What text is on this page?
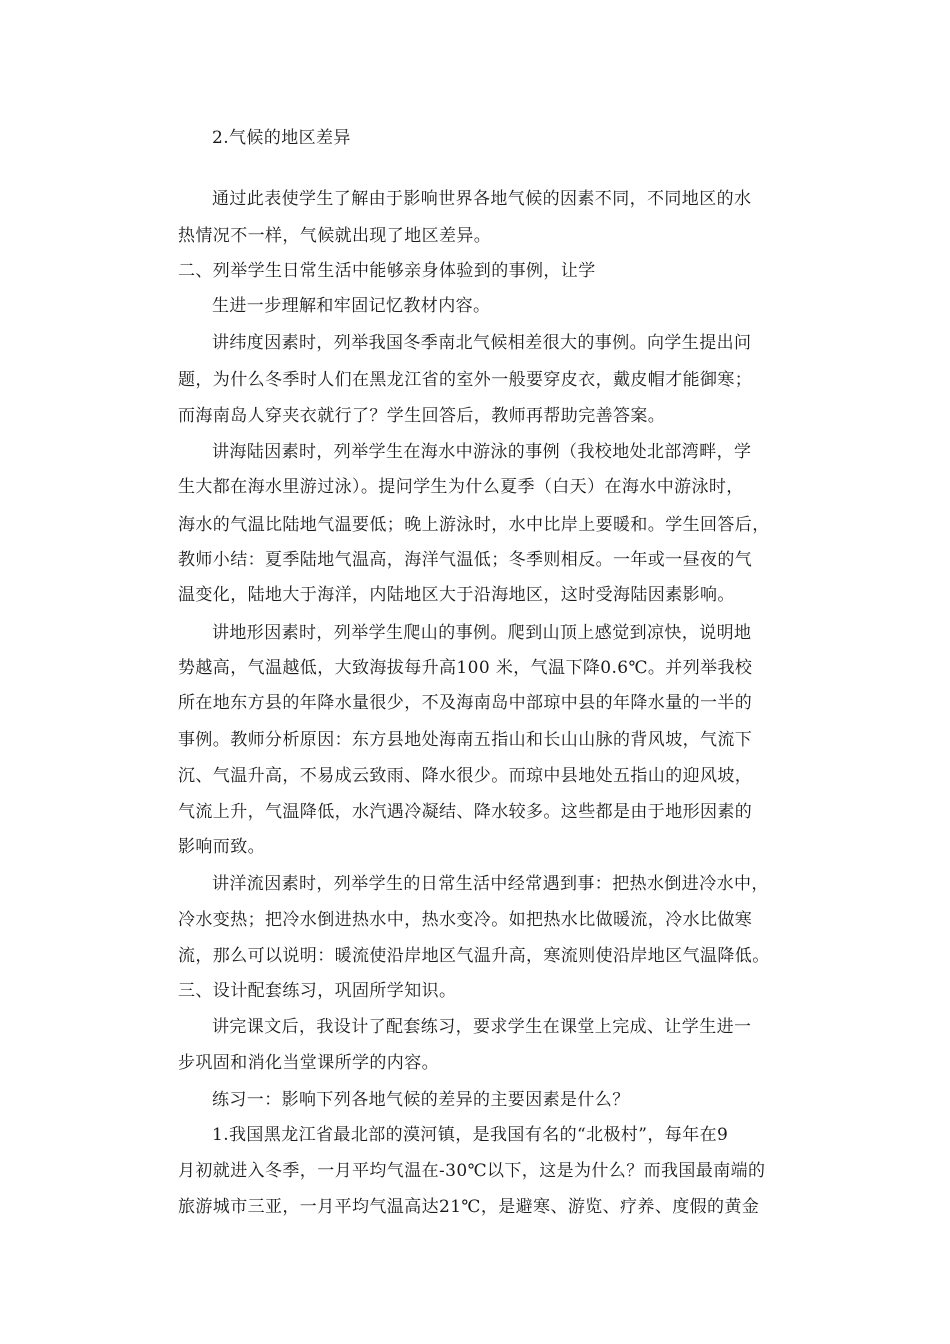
2.气候的地区差异
通过此表使学生了解由于影响世界各地气候的因素不同，不同地区的水
热情况不一样，气候就出现了地区差异。
二、列举学生日常生活中能够亲身体验到的事例，让学
生进一步理解和牢固记忆教材内容。
讲纬度因素时，列举我国冬季南北气候相差很大的事例。向学生提出问
题，为什么冬季时人们在黑龙江省的室外一般要穿皮衣，戴皮帽才能御寒；
而海南岛人穿夹衣就行了？学生回答后，教师再帮助完善答案。
讲海陆因素时，列举学生在海水中游泳的事例（我校地处北部湾畔，学
生大都在海水里游过泳）。提问学生为什么夏季（白天）在海水中游泳时，
海水的气温比陆地气温要低；晚上游泳时，水中比岸上要暖和。学生回答后，
教师小结：夏季陆地气温高，海洋气温低；冬季则相反。一年或一昼夜的气
温变化，陆地大于海洋，内陆地区大于沿海地区，这时受海陆因素影响。
讲地形因素时，列举学生爬山的事例。爬到山顶上感觉到凉快，说明地
势越高，气温越低，大致海拔每升高100 米，气温下降0.6℃。并列举我校
所在地东方县的年降水量很少，不及海南岛中部琼中县的年降水量的一半的
事例。教师分析原因：东方县地处海南五指山和长山山脉的背风坡，气流下
沉、气温升高，不易成云致雨、降水很少。而琼中县地处五指山的迎风坡，
气流上升，气温降低，水汽遇冷凝结、降水较多。这些都是由于地形因素的
影响而致。
讲洋流因素时，列举学生的日常生活中经常遇到事：把热水倒进冷水中，
冷水变热；把冷水倒进热水中，热水变冷。如把热水比做暖流，冷水比做寒
流，那么可以说明：暖流使沿岸地区气温升高，寒流则使沿岸地区气温降低。
三、设计配套练习，巩固所学知识。
讲完课文后，我设计了配套练习，要求学生在课堂上完成、让学生进一
步巩固和消化当堂课所学的内容。
练习一：影响下列各地气候的差异的主要因素是什么？
1.我国黑龙江省最北部的漠河镇，是我国有名的“北极村”，每年在9
月初就进入冬季，一月平均气温在-30℃以下，这是为什么？而我国最南端的
旅游城市三亚，一月平均气温高达21℃，是避寒、游览、疗养、度假的黄金
